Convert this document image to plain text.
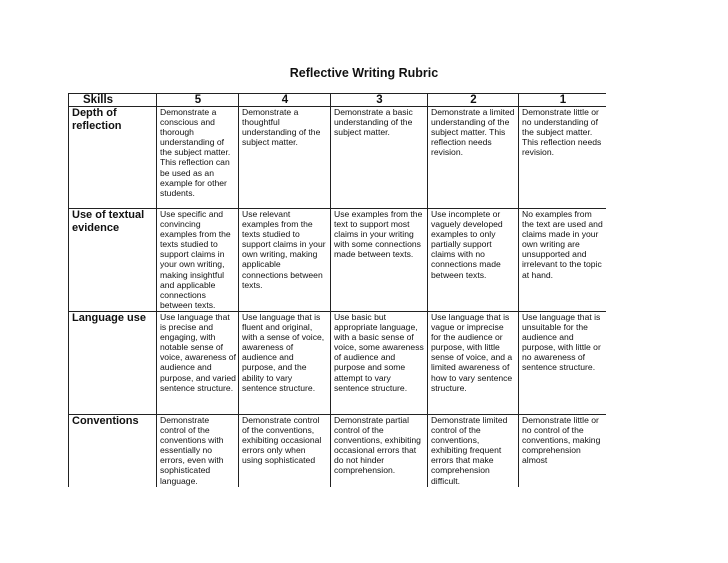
Reflective Writing Rubric
Skills	5	4	3	2	1
Depth of reflection	Demonstrate a conscious and thorough understanding of the subject matter. This reflection can be used as an example for other students.	Demonstrate a thoughtful understanding of the subject matter.	Demonstrate a basic understanding of the subject matter.	Demonstrate a limited understanding of the subject matter. This reflection needs revision.	Demonstrate little or no understanding of the subject matter. This reflection needs revision.
Use of textual evidence	Use specific and convincing examples from the texts studied to support claims in your own writing, making insightful and applicable connections between texts.	Use relevant examples from the texts studied to support claims in your own writing, making applicable connections between texts.	Use examples from the text to support most claims in your writing with some connections made between texts.	Use incomplete or vaguely developed examples to only partially support claims with no connections made between texts.	No examples from the text are used and claims made in your own writing are unsupported and irrelevant to the topic at hand.
Language use	Use language that is precise and engaging, with notable sense of voice, awareness of audience and purpose, and varied sentence structure.	Use language that is fluent and original, with a sense of voice, awareness of audience and purpose, and the ability to vary sentence structure.	Use basic but appropriate language, with a basic sense of voice, some awareness of audience and purpose and some attempt to vary sentence structure.	Use language that is vague or imprecise for the audience or purpose, with little sense of voice, and a limited awareness of how to vary sentence structure.	Use language that is unsuitable for the audience and purpose, with little or no awareness of sentence structure.
Conventions	Demonstrate control of the conventions with essentially no errors, even with sophisticated language.	Demonstrate control of the conventions, exhibiting occasional errors only when using sophisticated	Demonstrate partial control of the conventions, exhibiting occasional errors that do not hinder comprehension.	Demonstrate limited control of the conventions, exhibiting frequent errors that make comprehension difficult.	Demonstrate little or no control of the conventions, making comprehension almost
